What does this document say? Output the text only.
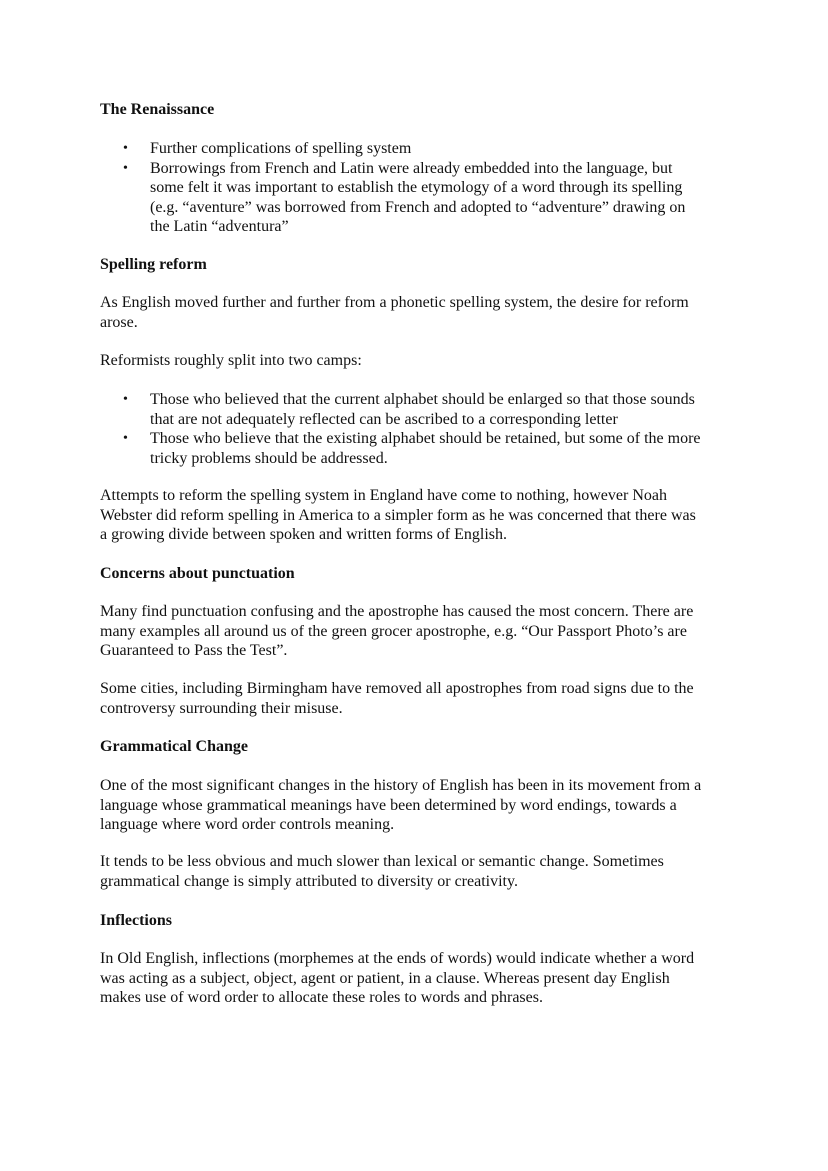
The Renaissance
• Further complications of spelling system
• Borrowings from French and Latin were already embedded into the language, but
some felt it was important to establish the etymology of a word through its spelling
(e.g. “aventure” was borrowed from French and adopted to “adventure” drawing on
the Latin “adventura”
Spelling reform
As English moved further and further from a phonetic spelling system, the desire for reform
arose.
Reformists roughly split into two camps:
• Those who believed that the current alphabet should be enlarged so that those sounds
that are not adequately reflected can be ascribed to a corresponding letter
• Those who believe that the existing alphabet should be retained, but some of the more
tricky problems should be addressed.
Attempts to reform the spelling system in England have come to nothing, however Noah
Webster did reform spelling in America to a simpler form as he was concerned that there was
a growing divide between spoken and written forms of English.
Concerns about punctuation
Many find punctuation confusing and the apostrophe has caused the most concern. There are
many examples all around us of the green grocer apostrophe, e.g. “Our Passport Photo’s are
Guaranteed to Pass the Test”.
Some cities, including Birmingham have removed all apostrophes from road signs due to the
controversy surrounding their misuse.
Grammatical Change
One of the most significant changes in the history of English has been in its movement from a
language whose grammatical meanings have been determined by word endings, towards a
language where word order controls meaning.
It tends to be less obvious and much slower than lexical or semantic change. Sometimes
grammatical change is simply attributed to diversity or creativity.
Inflections
In Old English, inflections (morphemes at the ends of words) would indicate whether a word
was acting as a subject, object, agent or patient, in a clause. Whereas present day English
makes use of word order to allocate these roles to words and phrases.
